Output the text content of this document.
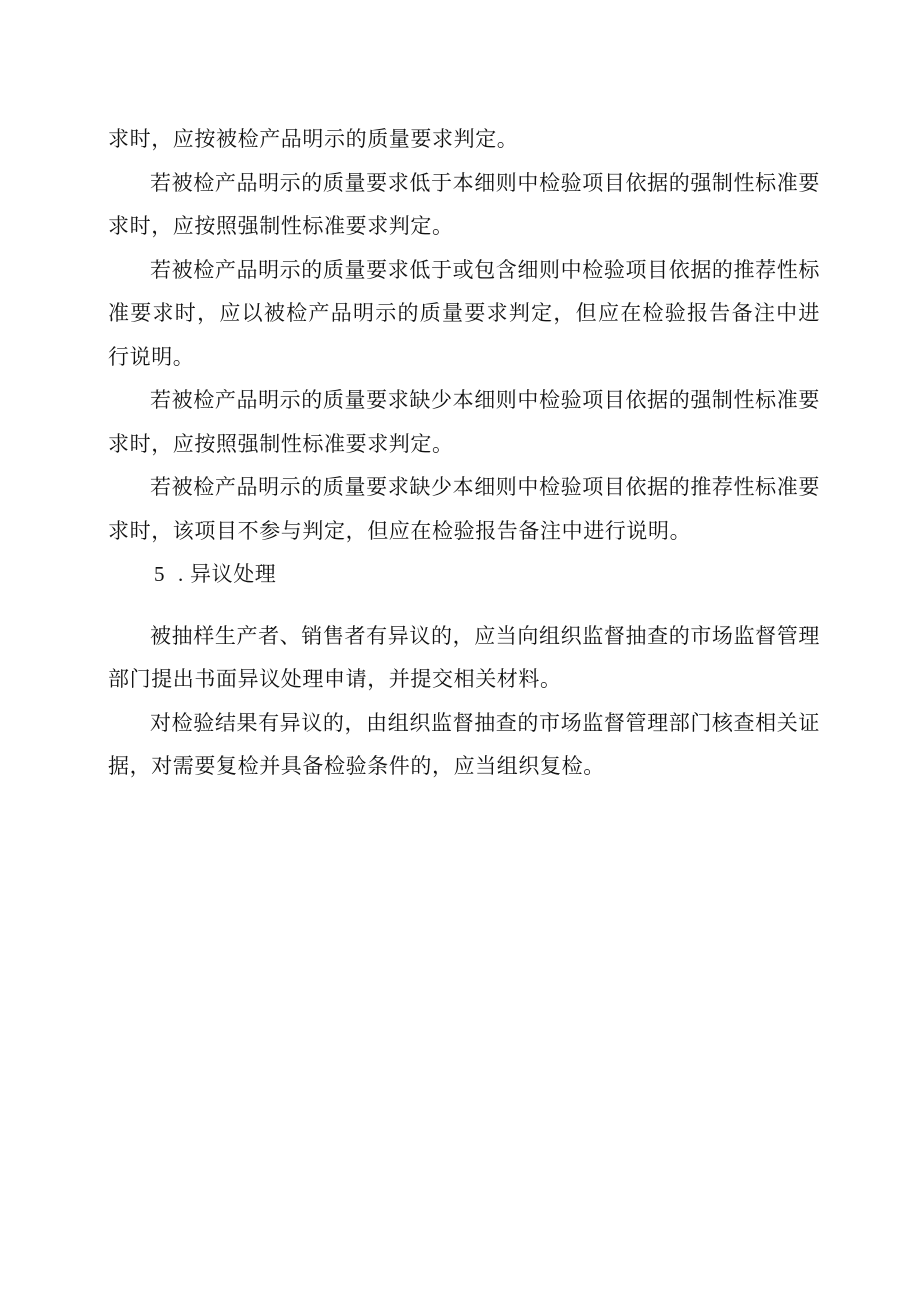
求时，应按被检产品明示的质量要求判定。

若被检产品明示的质量要求低于本细则中检验项目依据的强制性标准要求时，应按照强制性标准要求判定。

若被检产品明示的质量要求低于或包含细则中检验项目依据的推荐性标准要求时，应以被检产品明示的质量要求判定，但应在检验报告备注中进行说明。

若被检产品明示的质量要求缺少本细则中检验项目依据的强制性标准要求时，应按照强制性标准要求判定。

若被检产品明示的质量要求缺少本细则中检验项目依据的推荐性标准要求时，该项目不参与判定，但应在检验报告备注中进行说明。

5 . 异议处理

被抽样生产者、销售者有异议的，应当向组织监督抽查的市场监督管理部门提出书面异议处理申请，并提交相关材料。

对检验结果有异议的，由组织监督抽查的市场监督管理部门核查相关证据，对需要复检并具备检验条件的，应当组织复检。
